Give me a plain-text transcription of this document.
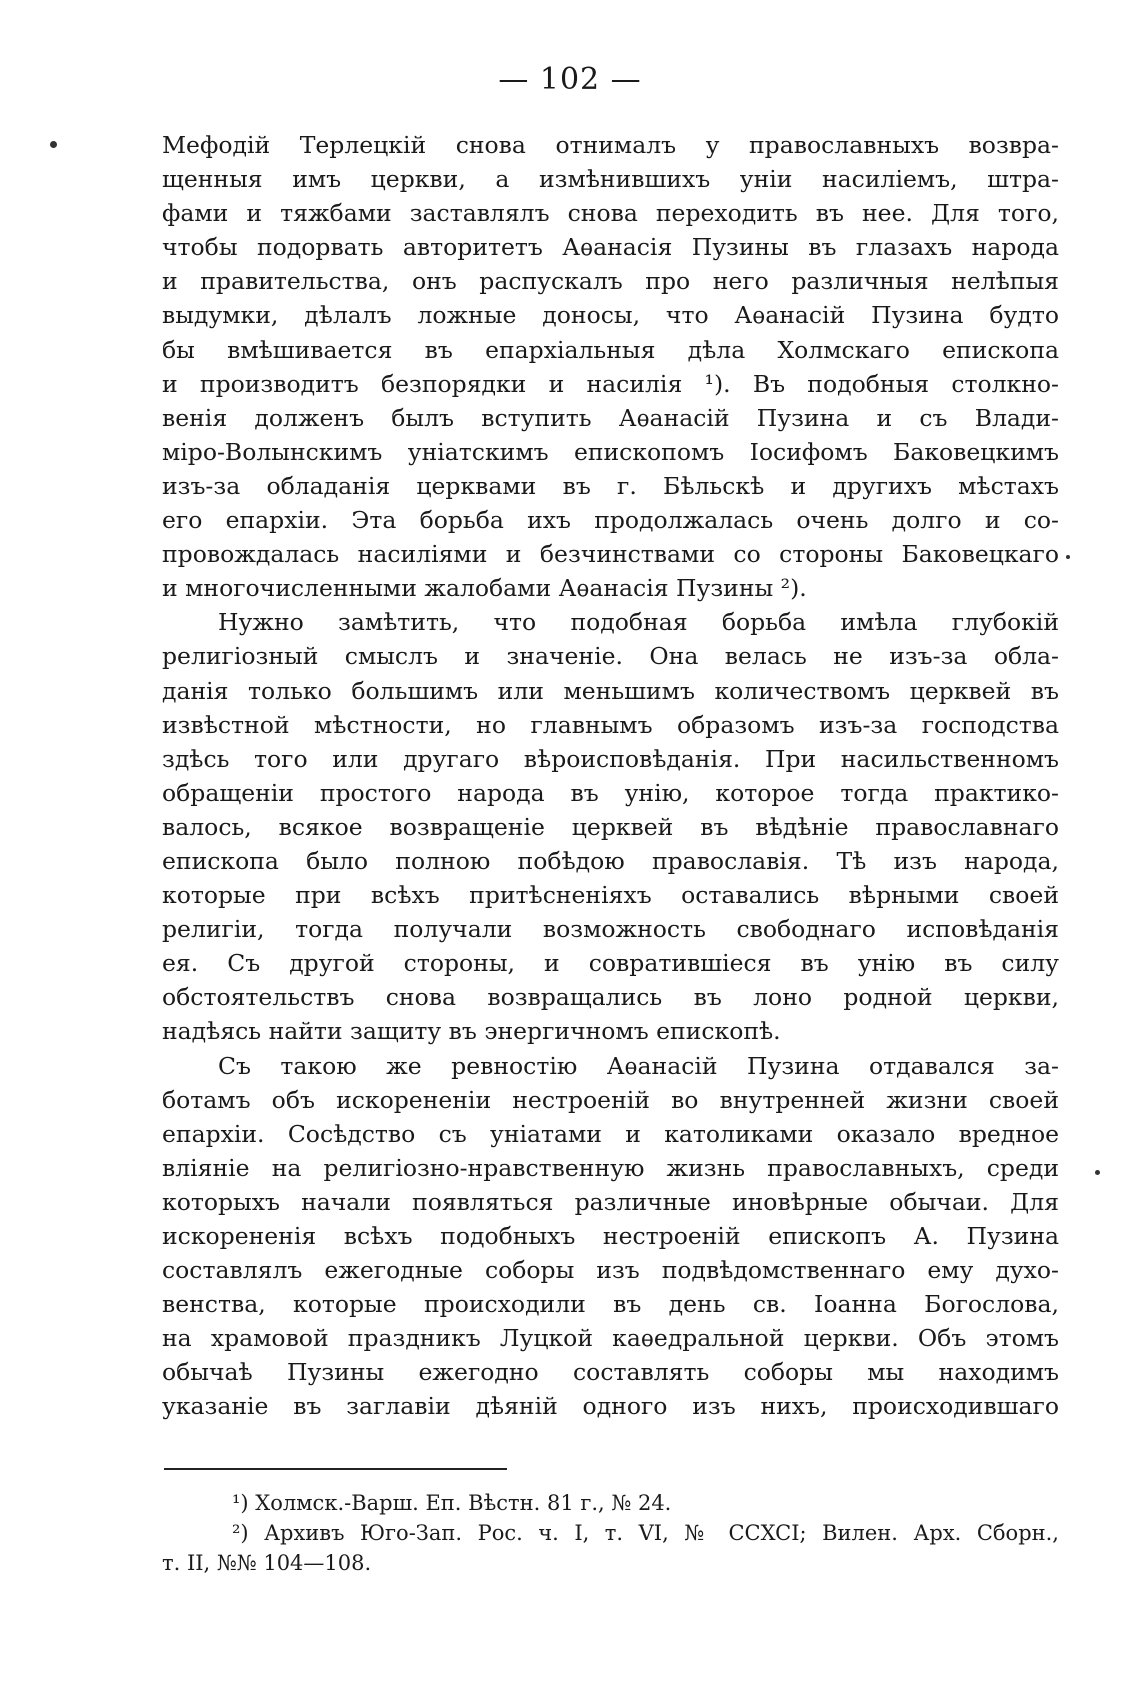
— 102 —
Мефодій Терлецкій снова отнималъ у православныхъ возвра-
щенныя имъ церкви, а измѣнившихъ уніи насиліемъ, штра-
фами и тяжбами заставлялъ снова переходить въ нее. Для того,
чтобы подорвать авторитетъ Аѳанасія Пузины въ глазахъ народа
и правительства, онъ распускалъ про него различныя нелѣпыя
выдумки, дѣлалъ ложные доносы, что Аѳанасій Пузина будто
бы вмѣшивается въ епархіальныя дѣла Холмскаго епископа
и производитъ безпорядки и насилія ¹). Въ подобныя столкно-
венія долженъ былъ вступить Аѳанасій Пузина и съ Влади-
міро-Волынскимъ уніатскимъ епископомъ Іосифомъ Баковецкимъ
изъ-за обладанія церквами въ г. Бѣльскѣ и другихъ мѣстахъ
его епархіи. Эта борьба ихъ продолжалась очень долго и со-
провождалась насиліями и безчинствами со стороны Баковецкаго
и многочисленными жалобами Аѳанасія Пузины ²).
Нужно замѣтить, что подобная борьба имѣла глубокій
религіозный смыслъ и значеніе. Она велась не изъ-за обла-
данія только большимъ или меньшимъ количествомъ церквей въ
извѣстной мѣстности, но главнымъ образомъ изъ-за господства
здѣсь того или другаго вѣроисповѣданія. При насильственномъ
обращеніи простого народа въ унію, которое тогда практико-
валось, всякое возвращеніе церквей въ вѣдѣніе православнаго
епископа было полною побѣдою православія. Тѣ изъ народа,
которые при всѣхъ притѣсненіяхъ оставались вѣрными своей
религіи, тогда получали возможность свободнаго исповѣданія
ея. Съ другой стороны, и совратившіеся въ унію въ силу
обстоятельствъ снова возвращались въ лоно родной церкви,
надѣясь найти защиту въ энергичномъ епископѣ.
Съ такою же ревностію Аѳанасій Пузина отдавался за-
ботамъ объ искорененіи нестроеній во внутренней жизни своей
епархіи. Сосѣдство съ уніатами и католиками оказало вредное
вліяніе на религіозно-нравственную жизнь православныхъ, среди
которыхъ начали появляться различные иновѣрные обычаи. Для
искорененія всѣхъ подобныхъ нестроеній епископъ А. Пузина
составлялъ ежегодные соборы изъ подвѣдомственнаго ему духо-
венства, которые происходили въ день св. Іоанна Богослова,
на храмовой праздникъ Луцкой каѳедральной церкви. Объ этомъ
обычаѣ Пузины ежегодно составлять соборы мы находимъ
указаніе въ заглавіи дѣяній одного изъ нихъ, происходившаго
¹) Холмск.-Варш. Еп. Вѣстн. 81 г., № 24.
²) Архивъ Юго-Зап. Рос. ч. I, т. VI, № CCXCI; Вилен. Арх. Сборн.,
т. II, №№ 104—108.
